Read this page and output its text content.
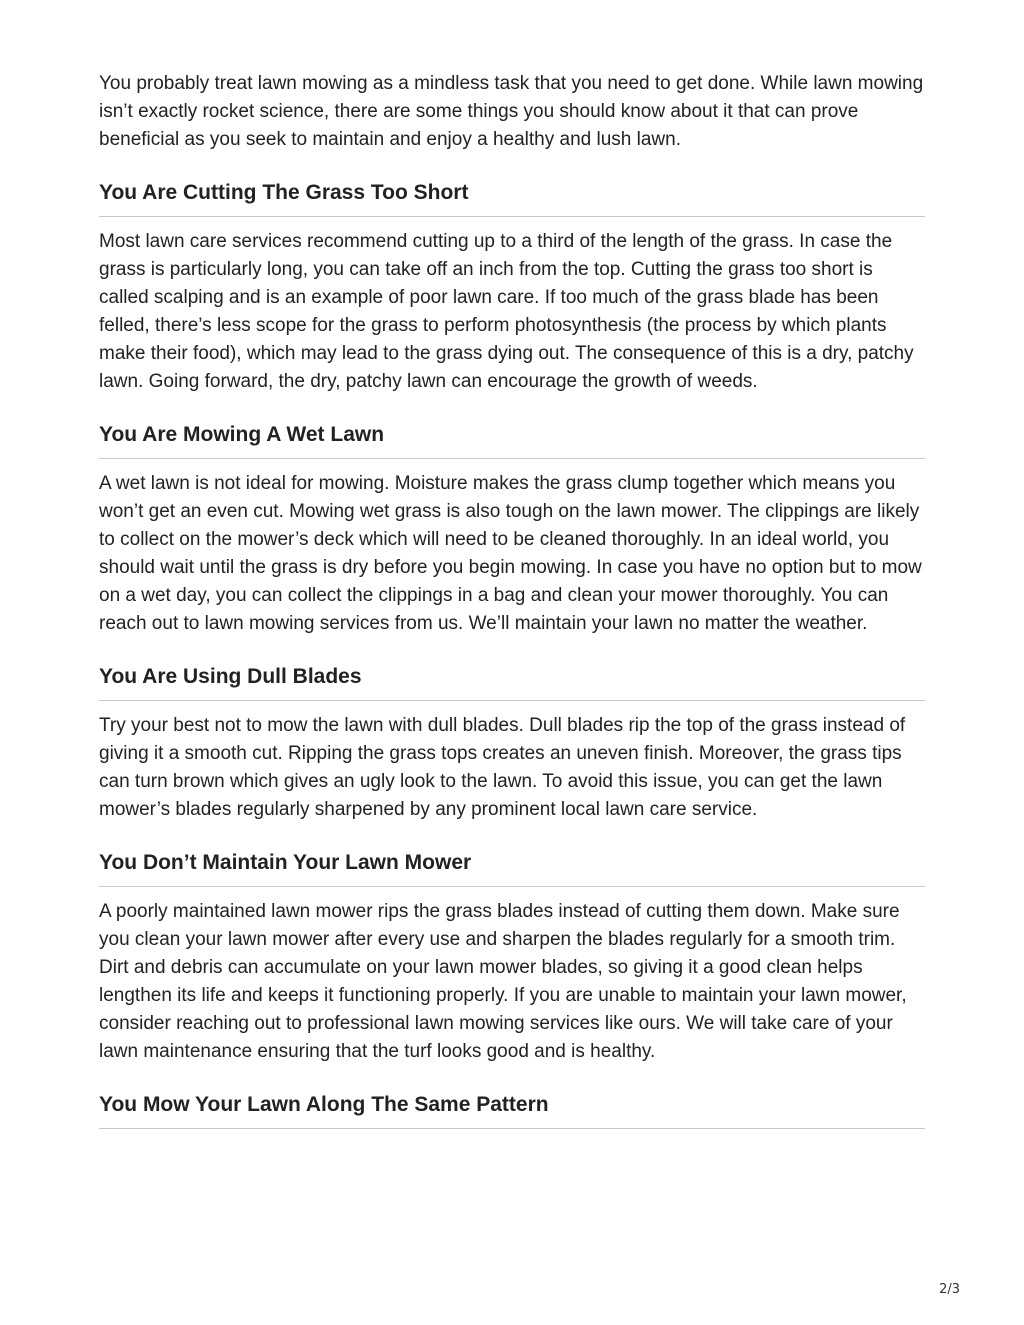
You probably treat lawn mowing as a mindless task that you need to get done. While lawn mowing isn’t exactly rocket science, there are some things you should know about it that can prove beneficial as you seek to maintain and enjoy a healthy and lush lawn.

You Are Cutting The Grass Too Short

Most lawn care services recommend cutting up to a third of the length of the grass. In case the grass is particularly long, you can take off an inch from the top. Cutting the grass too short is called scalping and is an example of poor lawn care. If too much of the grass blade has been felled, there’s less scope for the grass to perform photosynthesis (the process by which plants make their food), which may lead to the grass dying out. The consequence of this is a dry, patchy lawn. Going forward, the dry, patchy lawn can encourage the growth of weeds.

You Are Mowing A Wet Lawn

A wet lawn is not ideal for mowing. Moisture makes the grass clump together which means you won’t get an even cut. Mowing wet grass is also tough on the lawn mower. The clippings are likely to collect on the mower’s deck which will need to be cleaned thoroughly. In an ideal world, you should wait until the grass is dry before you begin mowing. In case you have no option but to mow on a wet day, you can collect the clippings in a bag and clean your mower thoroughly. You can reach out to lawn mowing services from us. We’ll maintain your lawn no matter the weather.

You Are Using Dull Blades

Try your best not to mow the lawn with dull blades. Dull blades rip the top of the grass instead of giving it a smooth cut. Ripping the grass tops creates an uneven finish. Moreover, the grass tips can turn brown which gives an ugly look to the lawn. To avoid this issue, you can get the lawn mower’s blades regularly sharpened by any prominent local lawn care service.

You Don’t Maintain Your Lawn Mower

A poorly maintained lawn mower rips the grass blades instead of cutting them down. Make sure you clean your lawn mower after every use and sharpen the blades regularly for a smooth trim. Dirt and debris can accumulate on your lawn mower blades, so giving it a good clean helps lengthen its life and keeps it functioning properly. If you are unable to maintain your lawn mower, consider reaching out to professional lawn mowing services like ours. We will take care of your lawn maintenance ensuring that the turf looks good and is healthy.

You Mow Your Lawn Along The Same Pattern
2/3
